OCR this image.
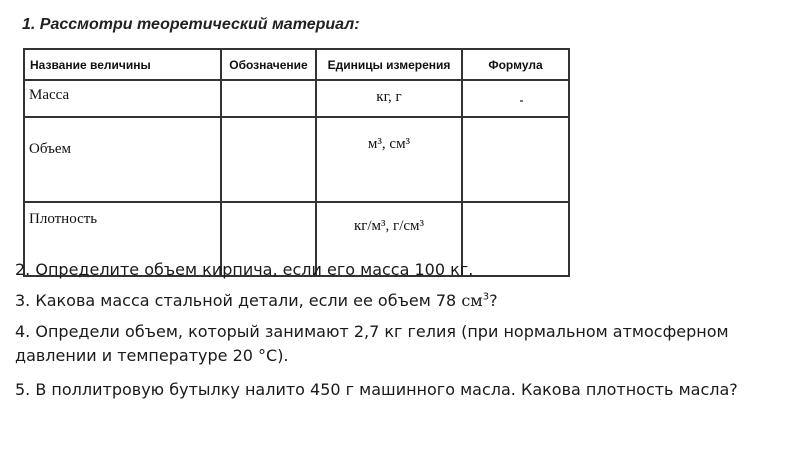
1. Рассмотри теоретический материал:
Название величины	Обозначение	Единицы измерения	Формула
Масса		кг, г	
Объем		м³, см³	
Плотность		кг/м³, г/см³	

2. Определите объем кирпича, если его масса 100 кг.

3. Какова масса стальной детали, если ее объем 78 $см^3$?

4. Определи объем, который занимают 2,7 кг гелия (при нормальном атмосферном давлении и температуре 20 °С).

5. В поллитровую бутылку налито 450 г машинного масла. Какова плотность масла?
